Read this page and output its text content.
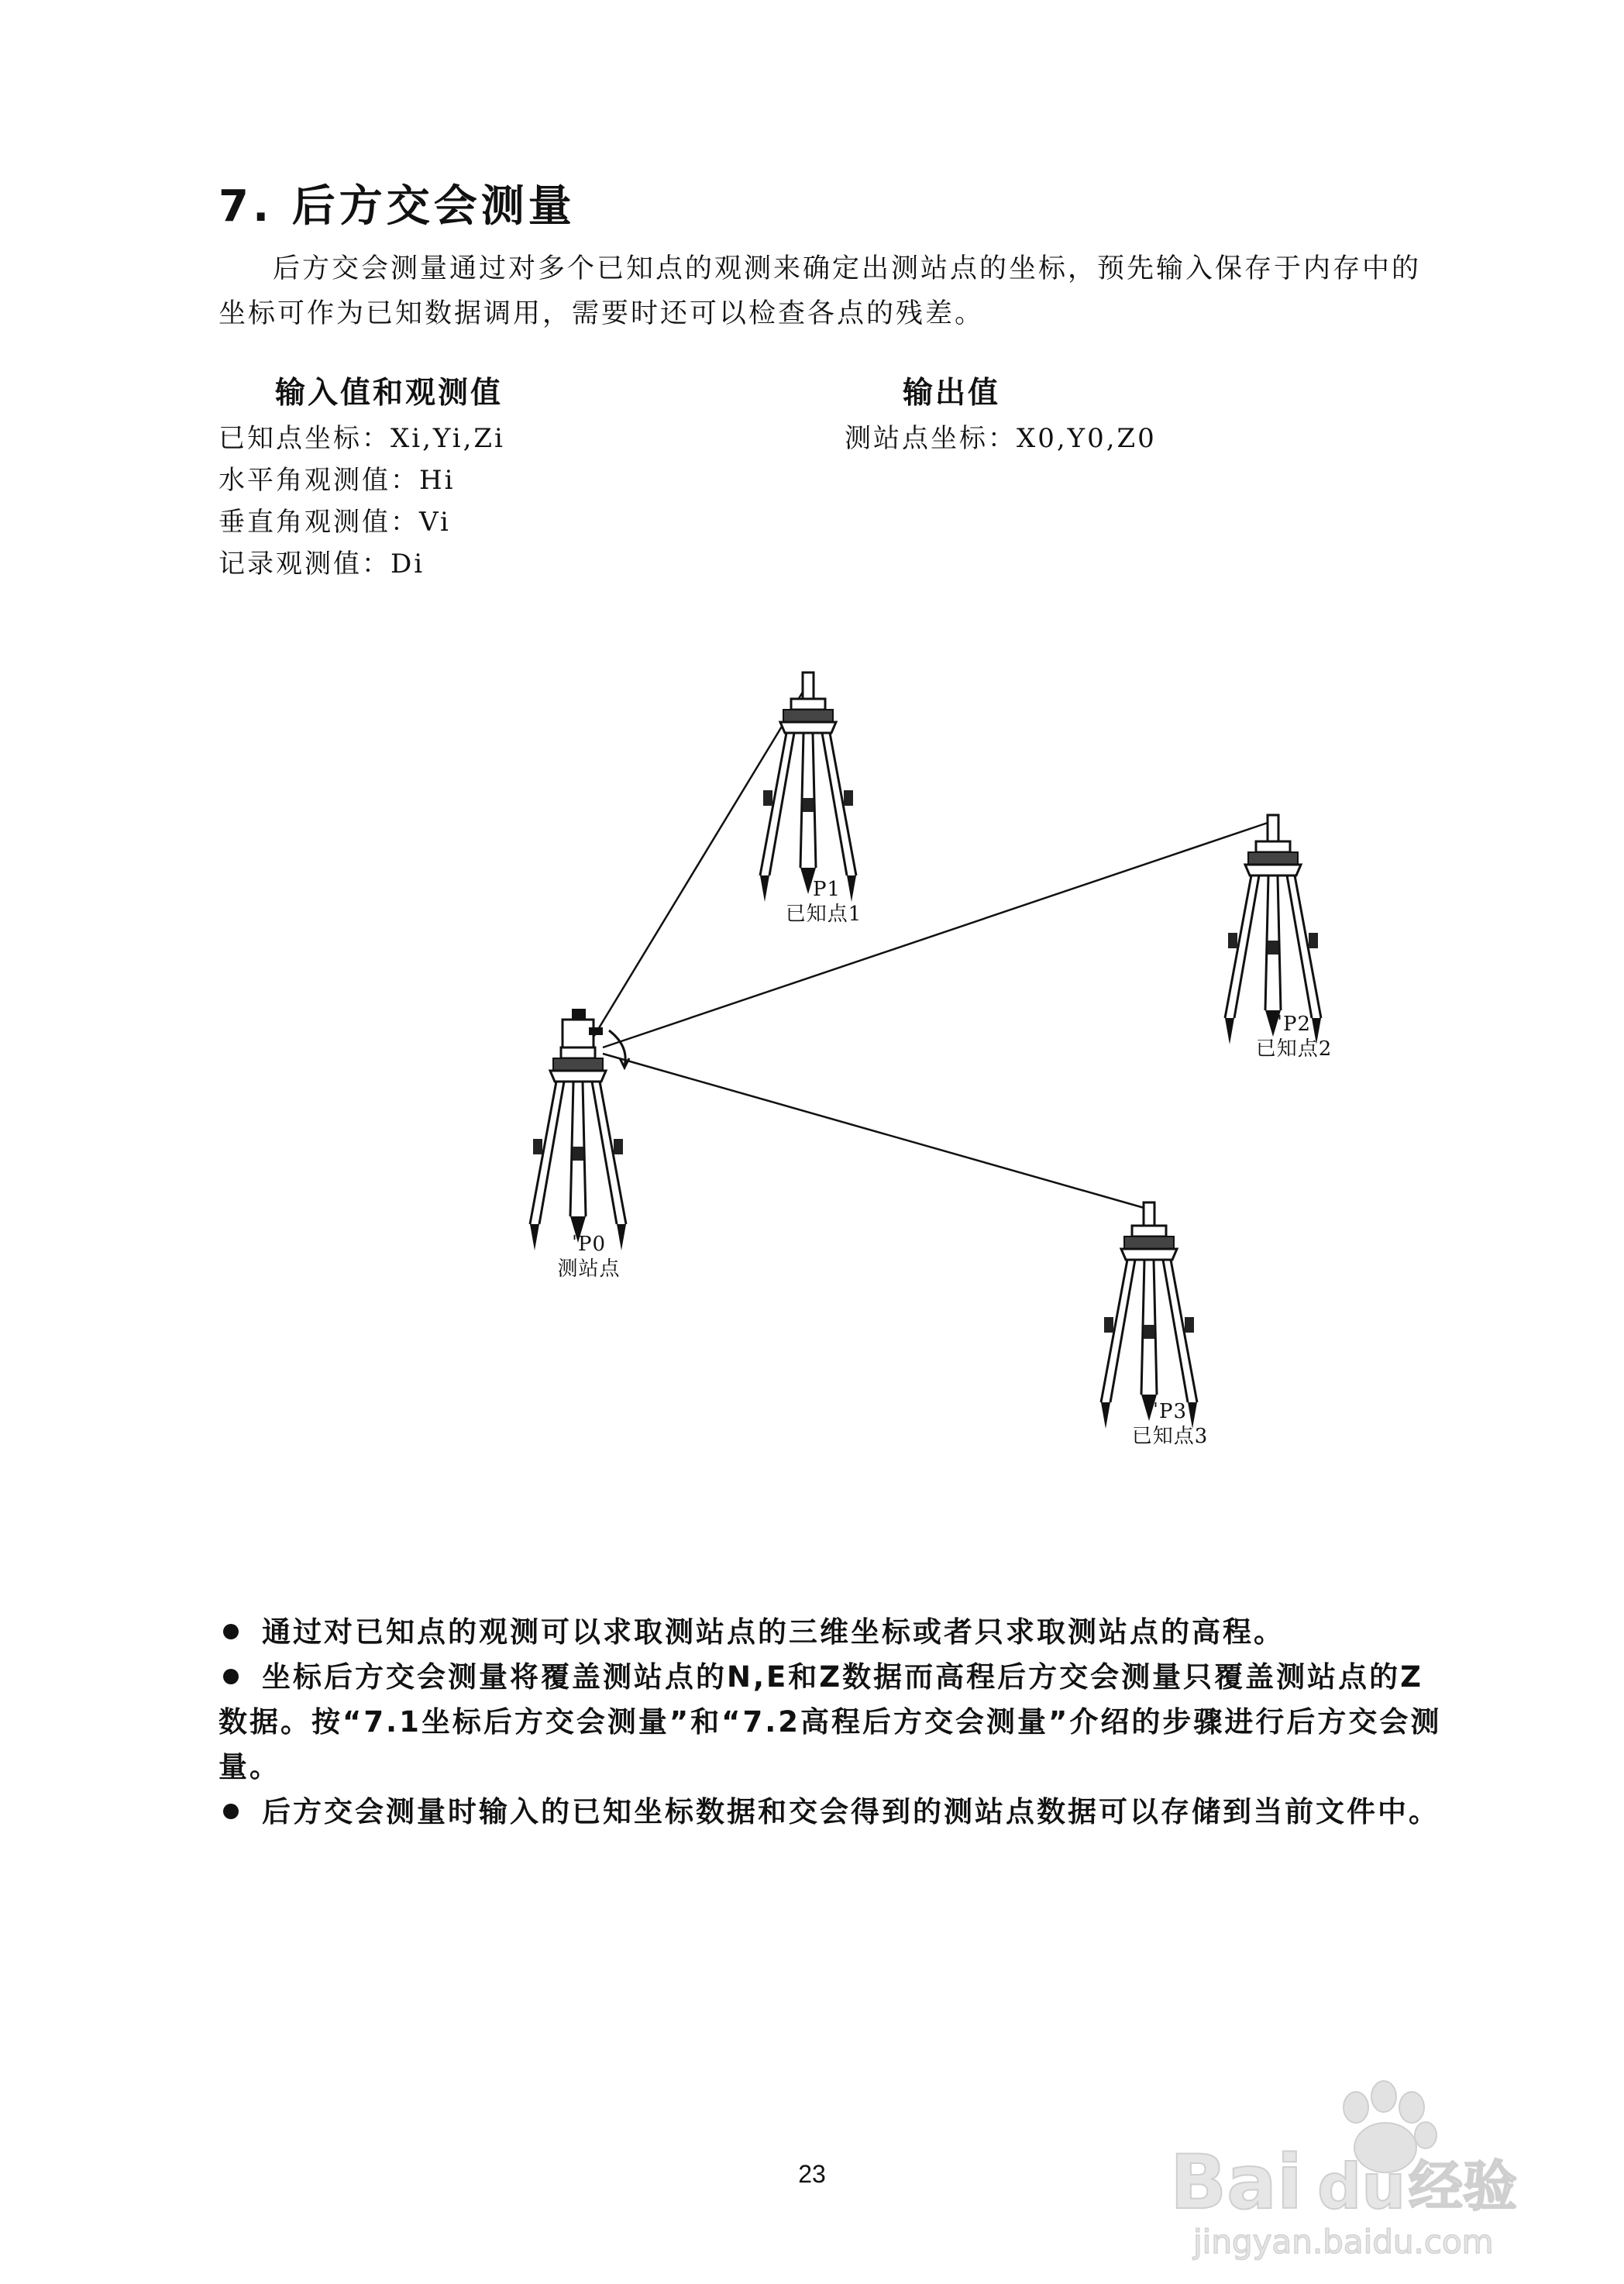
7. 后方交会测量
后方交会测量通过对多个已知点的观测来确定出测站点的坐标，预先输入保存于内存中的坐标可作为已知数据调用，需要时还可以检查各点的残差。
输入值和观测值	输出值
已知点坐标：Xi,Yi,Zi
水平角观测值：Hi
垂直角观测值：Vi
记录观测值：Di
测站点坐标：X0,Y0,Z0
ˈP1
已知点1
ˈP2
已知点2
ˈP0
测站点
ˈP3
已知点3

通过对已知点的观测可以求取测站点的三维坐标或者只求取测站点的高程。

坐标后方交会测量将覆盖测站点的N,E和Z数据而高程后方交会测量只覆盖测站点的Z数据。按“7.1坐标后方交会测量”和“7.2高程后方交会测量”介绍的步骤进行后方交会测量。

后方交会测量时输入的已知坐标数据和交会得到的测站点数据可以存储到当前文件中。

23	Bai du 经验
jingyan.baidu.com
